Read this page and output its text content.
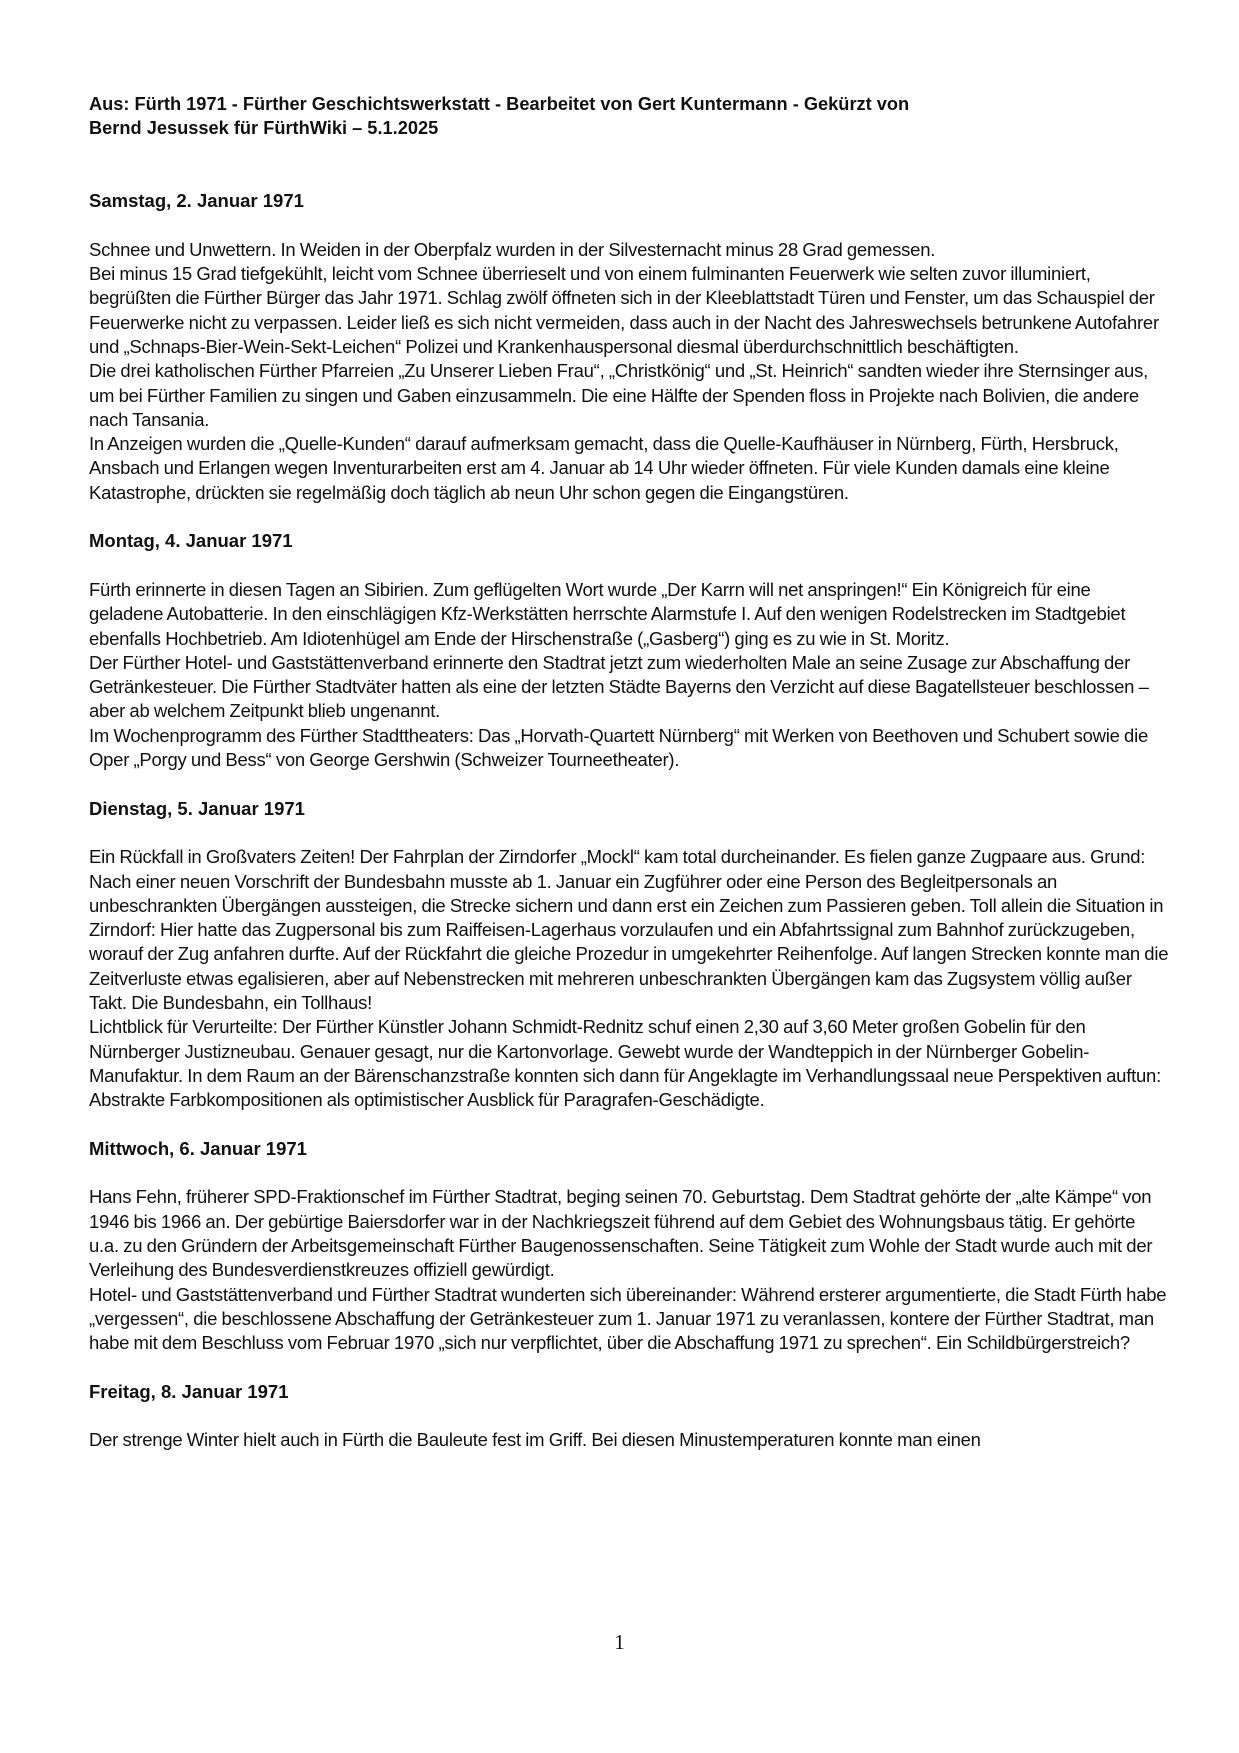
Aus: Fürth 1971 - Fürther Geschichtswerkstatt - Bearbeitet von Gert Kuntermann - Gekürzt von
Bernd Jesussek für FürthWiki – 5.1.2025

Samstag, 2. Januar 1971

Schnee und Unwettern. In Weiden in der Oberpfalz wurden in der Silvesternacht minus 28 Grad gemessen.

Bei minus 15 Grad tiefgekühlt, leicht vom Schnee überrieselt und von einem fulminanten Feuerwerk wie selten zuvor illuminiert, begrüßten die Fürther Bürger das Jahr 1971. Schlag zwölf öffneten sich in der Kleeblattstadt Türen und Fenster, um das Schauspiel der Feuerwerke nicht zu verpassen. Leider ließ es sich nicht vermeiden, dass auch in der Nacht des Jahreswechsels betrunkene Autofahrer und „Schnaps-Bier-Wein-Sekt-Leichen“ Polizei und Krankenhauspersonal diesmal überdurchschnittlich beschäftigten.

Die drei katholischen Fürther Pfarreien „Zu Unserer Lieben Frau“, „Christkönig“ und „St. Heinrich“ sandten wieder ihre Sternsinger aus, um bei Fürther Familien zu singen und Gaben einzusammeln. Die eine Hälfte der Spenden floss in Projekte nach Bolivien, die andere nach Tansania.

In Anzeigen wurden die „Quelle-Kunden“ darauf aufmerksam gemacht, dass die Quelle-Kaufhäuser in Nürnberg, Fürth, Hersbruck, Ansbach und Erlangen wegen Inventurarbeiten erst am 4. Januar ab 14 Uhr wieder öffneten. Für viele Kunden damals eine kleine Katastrophe, drückten sie regelmäßig doch täglich ab neun Uhr schon gegen die Eingangstüren.

Montag, 4. Januar 1971

Fürth erinnerte in diesen Tagen an Sibirien. Zum geflügelten Wort wurde „Der Karrn will net anspringen!“ Ein Königreich für eine geladene Autobatterie. In den einschlägigen Kfz-Werkstätten herrschte Alarmstufe I. Auf den wenigen Rodelstrecken im Stadtgebiet ebenfalls Hochbetrieb. Am Idiotenhügel am Ende der Hirschenstraße („Gasberg“) ging es zu wie in St. Moritz.

Der Fürther Hotel- und Gaststättenverband erinnerte den Stadtrat jetzt zum wiederholten Male an seine Zusage zur Abschaffung der Getränkesteuer. Die Fürther Stadtväter hatten als eine der letzten Städte Bayerns den Verzicht auf diese Bagatellsteuer beschlossen – aber ab welchem Zeitpunkt blieb ungenannt.

Im Wochenprogramm des Fürther Stadttheaters: Das „Horvath-Quartett Nürnberg“ mit Werken von Beethoven und Schubert sowie die Oper „Porgy und Bess“ von George Gershwin (Schweizer Tourneetheater).

Dienstag, 5. Januar 1971

Ein Rückfall in Großvaters Zeiten! Der Fahrplan der Zirndorfer „Mockl“ kam total durcheinander. Es fielen ganze Zugpaare aus. Grund: Nach einer neuen Vorschrift der Bundesbahn musste ab 1. Januar ein Zugführer oder eine Person des Begleitpersonals an unbeschrankten Übergängen aussteigen, die Strecke sichern und dann erst ein Zeichen zum Passieren geben. Toll allein die Situation in Zirndorf: Hier hatte das Zugpersonal bis zum Raiffeisen-Lagerhaus vorzulaufen und ein Abfahrtssignal zum Bahnhof zurückzugeben, worauf der Zug anfahren durfte. Auf der Rückfahrt die gleiche Prozedur in umgekehrter Reihenfolge. Auf langen Strecken konnte man die Zeitverluste etwas egalisieren, aber auf Nebenstrecken mit mehreren unbeschrankten Übergängen kam das Zugsystem völlig außer Takt. Die Bundesbahn, ein Tollhaus!

Lichtblick für Verurteilte: Der Fürther Künstler Johann Schmidt-Rednitz schuf einen 2,30 auf 3,60 Meter großen Gobelin für den Nürnberger Justizneubau. Genauer gesagt, nur die Kartonvorlage. Gewebt wurde der Wandteppich in der Nürnberger Gobelin-Manufaktur. In dem Raum an der Bärenschanzstraße konnten sich dann für Angeklagte im Verhandlungssaal neue Perspektiven auftun: Abstrakte Farbkompositionen als optimistischer Ausblick für Paragrafen-Geschädigte.

Mittwoch, 6. Januar 1971

Hans Fehn, früherer SPD-Fraktionschef im Fürther Stadtrat, beging seinen 70. Geburtstag. Dem Stadtrat gehörte der „alte Kämpe“ von 1946 bis 1966 an. Der gebürtige Baiersdorfer war in der Nachkriegszeit führend auf dem Gebiet des Wohnungsbaus tätig. Er gehörte u.a. zu den Gründern der Arbeitsgemeinschaft Fürther Baugenossenschaften. Seine Tätigkeit zum Wohle der Stadt wurde auch mit der Verleihung des Bundesverdienstkreuzes offiziell gewürdigt.

Hotel- und Gaststättenverband und Fürther Stadtrat wunderten sich übereinander: Während ersterer argumentierte, die Stadt Fürth habe „vergessen“, die beschlossene Abschaffung der Getränkesteuer zum 1. Januar 1971 zu veranlassen, kontere der Fürther Stadtrat, man habe mit dem Beschluss vom Februar 1970 „sich nur verpflichtet, über die Abschaffung 1971 zu sprechen“. Ein Schildbürgerstreich?

Freitag, 8. Januar 1971

Der strenge Winter hielt auch in Fürth die Bauleute fest im Griff. Bei diesen Minustemperaturen konnte man einen

1
